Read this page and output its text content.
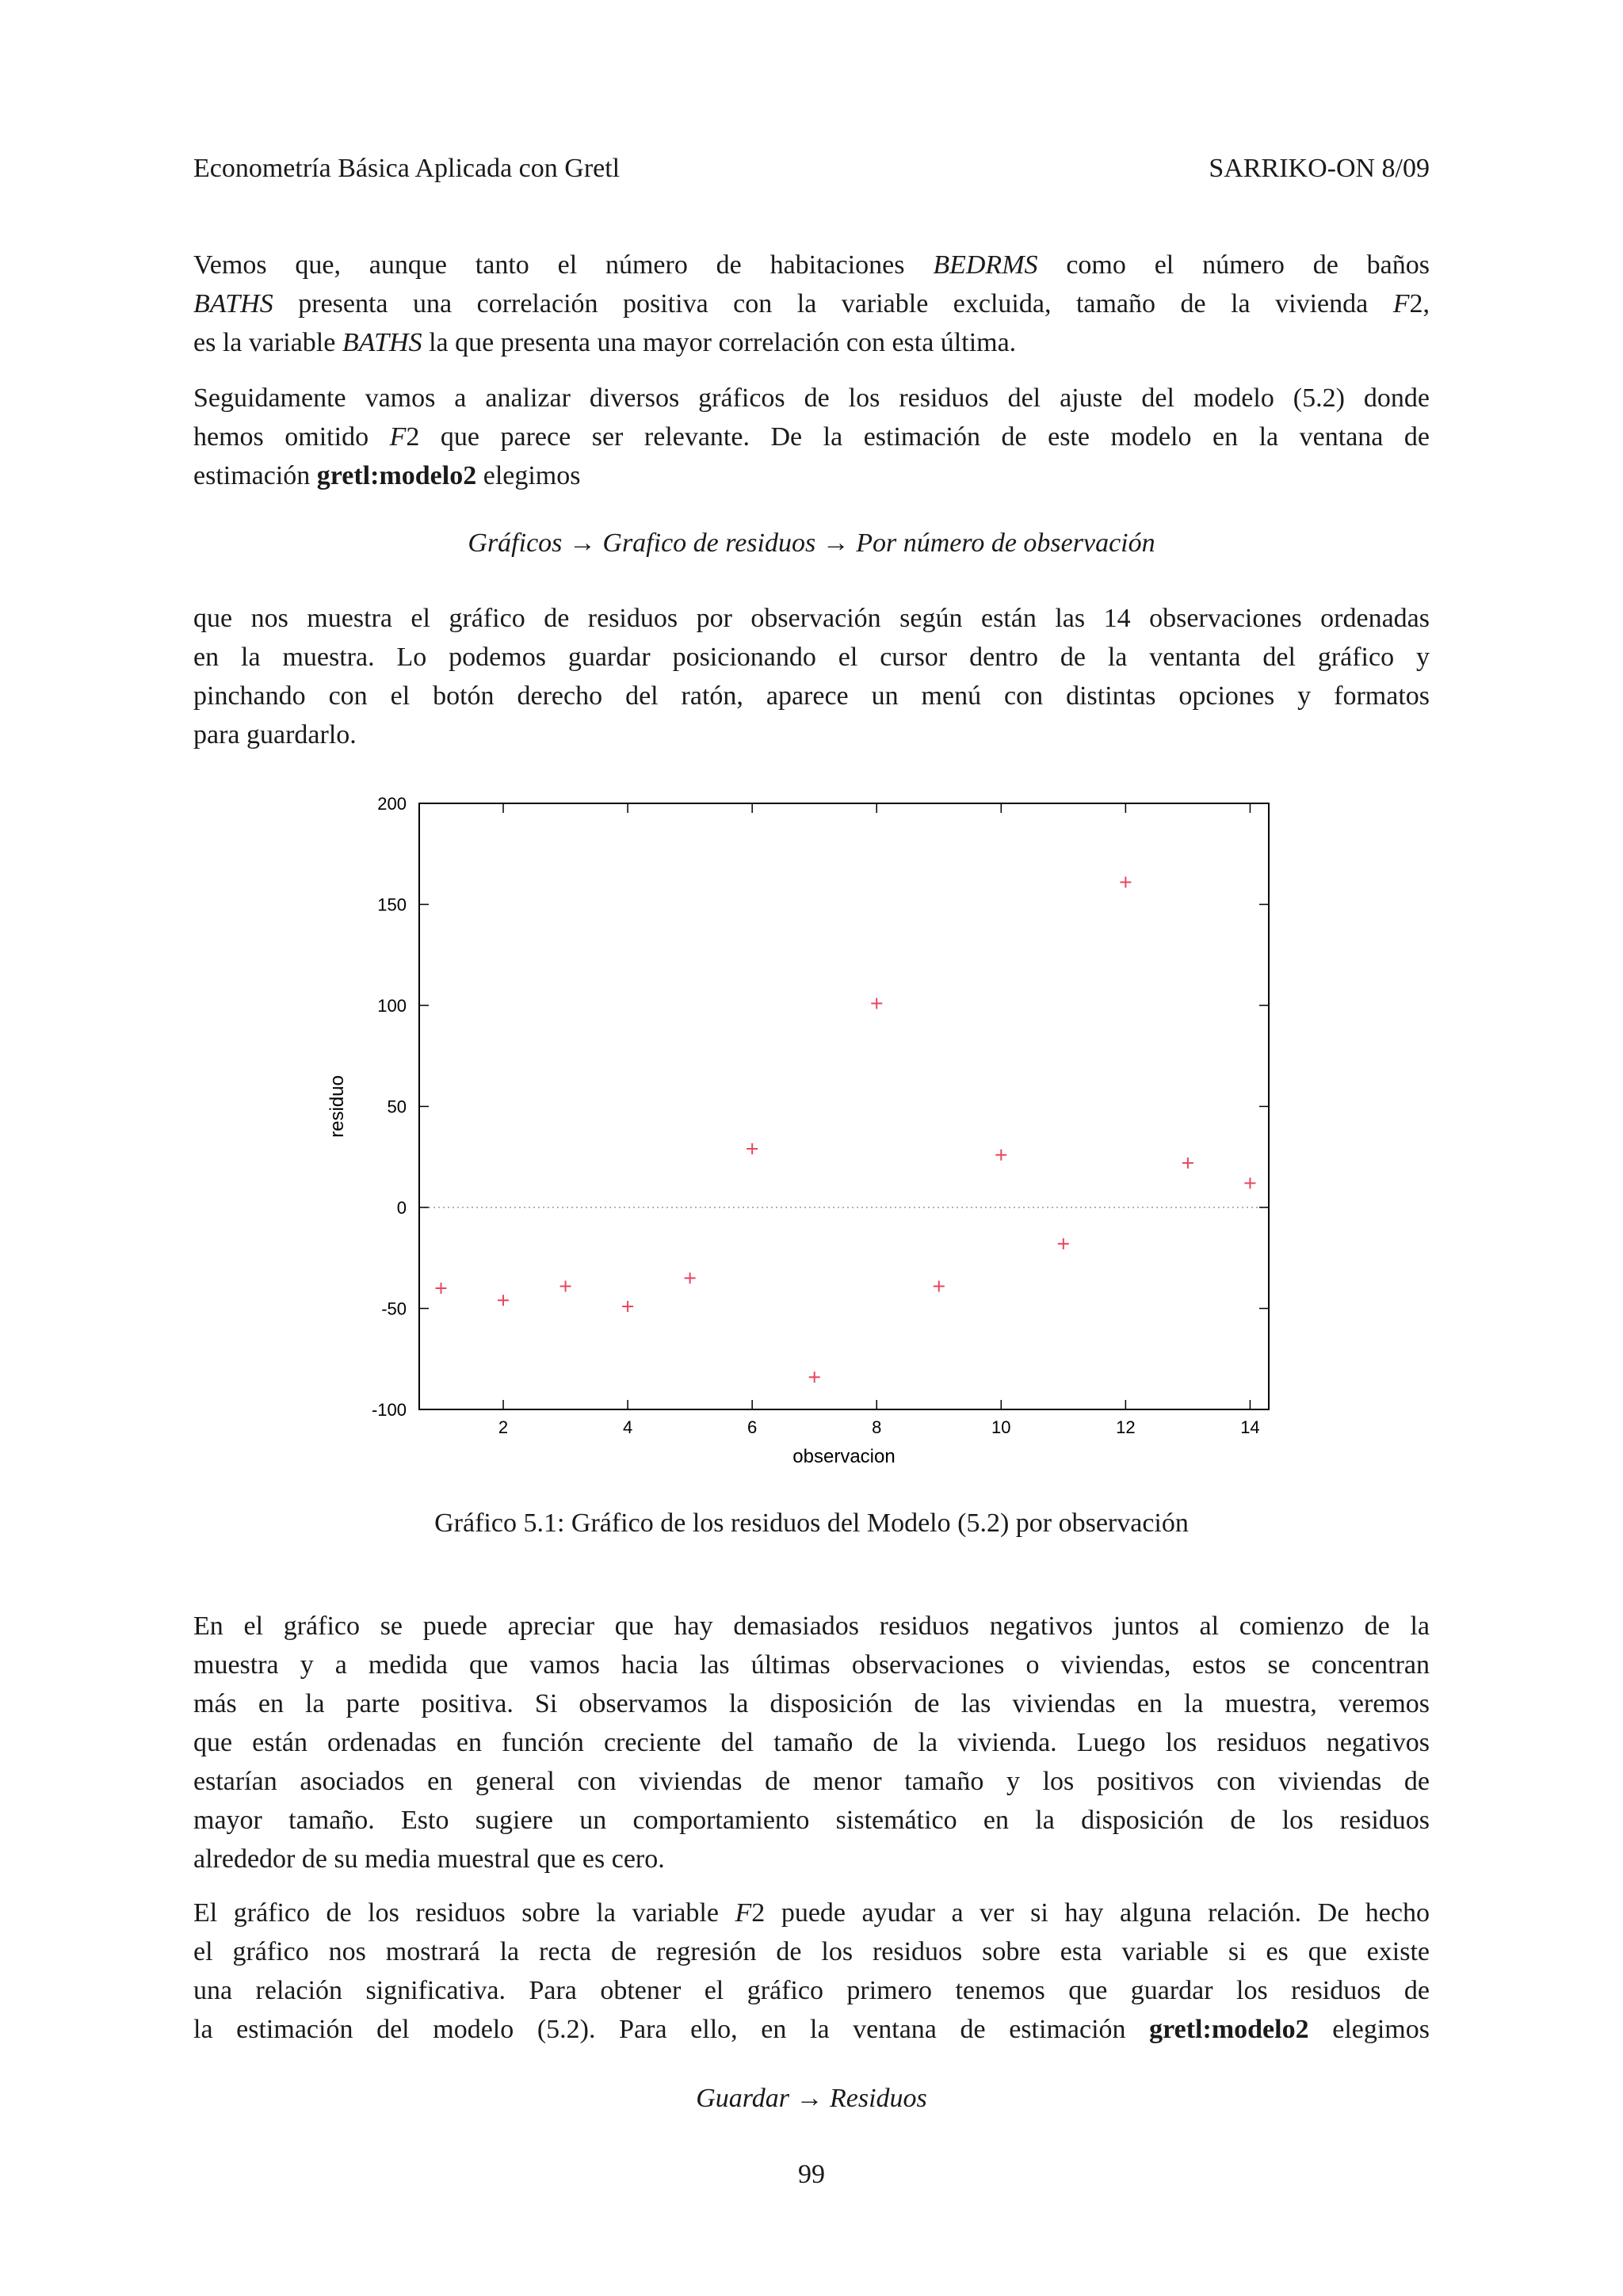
Econometría Básica Aplicada con Gretl	SARRIKO-ON 8/09
Vemos que, aunque tanto el número de habitaciones BEDRMS como el número de baños
BATHS presenta una correlación positiva con la variable excluida, tamaño de la vivienda F2,
es la variable BATHS la que presenta una mayor correlación con esta última.
Seguidamente vamos a analizar diversos gráficos de los residuos del ajuste del modelo (5.2) donde
hemos omitido F2 que parece ser relevante. De la estimación de este modelo en la ventana de
estimación gretl:modelo2 elegimos
Gráficos → Grafico de residuos → Por número de observación
que nos muestra el gráfico de residuos por observación según están las 14 observaciones ordenadas
en la muestra. Lo podemos guardar posicionando el cursor dentro de la ventanta del gráfico y
pinchando con el botón derecho del ratón, aparece un menú con distintas opciones y formatos
para guardarlo.
-100
-50
0
50
100
150
200
2	4	6	8	10	12	14
observacion
residuo
Gráfico 5.1: Gráfico de los residuos del Modelo (5.2) por observación
En el gráfico se puede apreciar que hay demasiados residuos negativos juntos al comienzo de la
muestra y a medida que vamos hacia las últimas observaciones o viviendas, estos se concentran
más en la parte positiva. Si observamos la disposición de las viviendas en la muestra, veremos
que están ordenadas en función creciente del tamaño de la vivienda. Luego los residuos negativos
estarían asociados en general con viviendas de menor tamaño y los positivos con viviendas de
mayor tamaño. Esto sugiere un comportamiento sistemático en la disposición de los residuos
alrededor de su media muestral que es cero.
El gráfico de los residuos sobre la variable F2 puede ayudar a ver si hay alguna relación. De hecho
el gráfico nos mostrará la recta de regresión de los residuos sobre esta variable si es que existe
una relación significativa. Para obtener el gráfico primero tenemos que guardar los residuos de
la estimación del modelo (5.2). Para ello, en la ventana de estimación gretl:modelo2 elegimos
Guardar → Residuos
99
